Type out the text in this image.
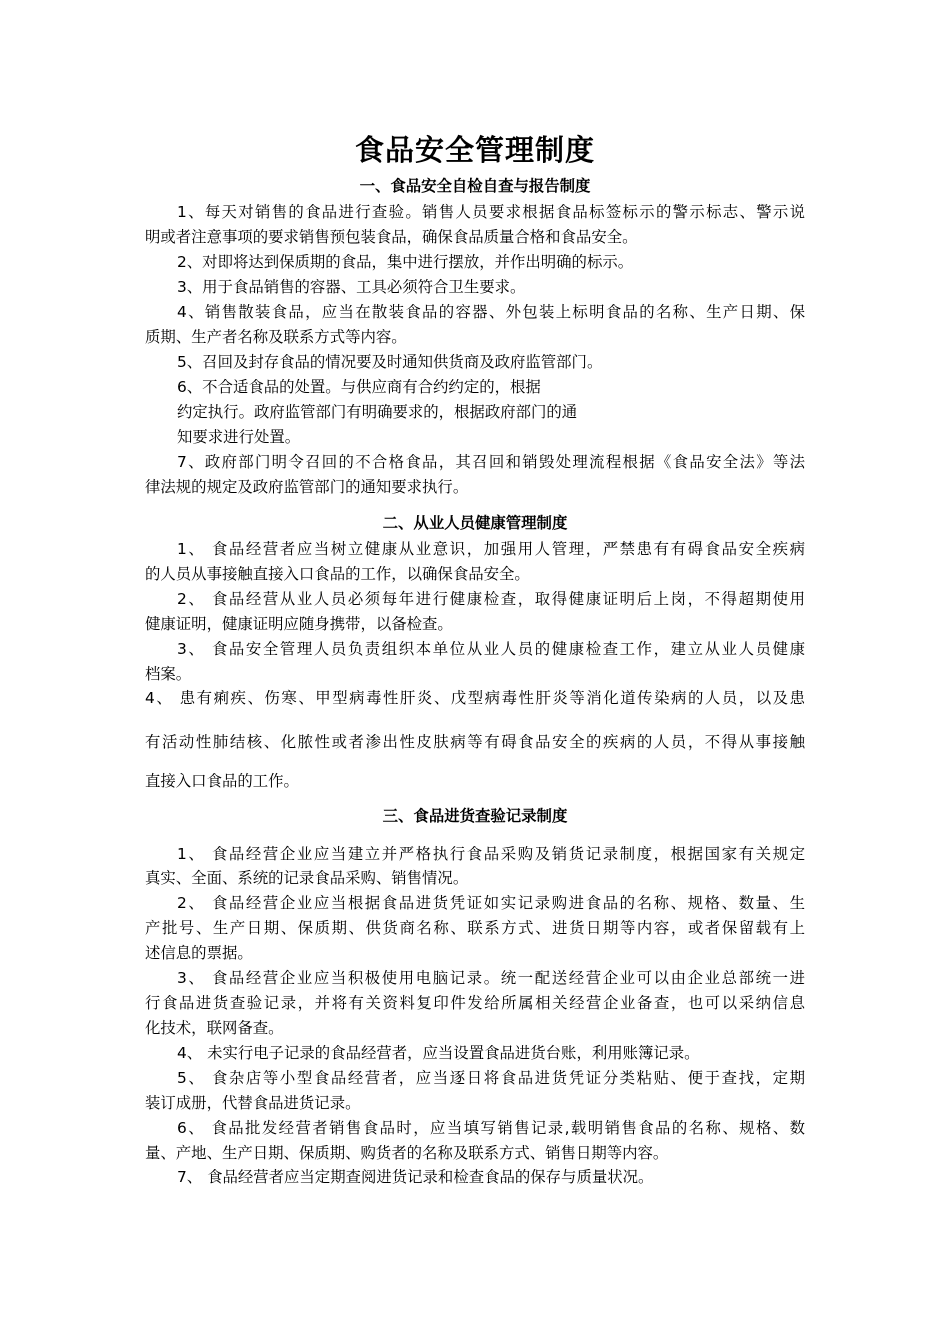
食品安全管理制度
一、食品安全自检自查与报告制度
1、每天对销售的食品进行查验。销售人员要求根据食品标签标示的警示标志、警示说
明或者注意事项的要求销售预包装食品，确保食品质量合格和食品安全。
2、对即将达到保质期的食品，集中进行摆放，并作出明确的标示。
3、用于食品销售的容器、工具必须符合卫生要求。
4、销售散装食品，应当在散装食品的容器、外包装上标明食品的名称、生产日期、保
质期、生产者名称及联系方式等内容。
5、召回及封存食品的情况要及时通知供货商及政府监管部门。
6、不合适食品的处置。与供应商有合约约定的，根据
约定执行。政府监管部门有明确要求的，根据政府部门的通
知要求进行处置。
7、政府部门明令召回的不合格食品，其召回和销毁处理流程根据《食品安全法》等法
律法规的规定及政府监管部门的通知要求执行。
二、从业人员健康管理制度
1、 食品经营者应当树立健康从业意识，加强用人管理，严禁患有有碍食品安全疾病
的人员从事接触直接入口食品的工作，以确保食品安全。
2、 食品经营从业人员必须每年进行健康检查，取得健康证明后上岗，不得超期使用
健康证明，健康证明应随身携带，以备检查。
3、 食品安全管理人员负责组织本单位从业人员的健康检查工作，建立从业人员健康
档案。
4、 患有痢疾、伤寒、甲型病毒性肝炎、戊型病毒性肝炎等消化道传染病的人员，以及患
有活动性肺结核、化脓性或者渗出性皮肤病等有碍食品安全的疾病的人员，不得从事接触
直接入口食品的工作。
三、食品进货查验记录制度
1、 食品经营企业应当建立并严格执行食品采购及销货记录制度，根据国家有关规定
真实、全面、系统的记录食品采购、销售情况。
2、 食品经营企业应当根据食品进货凭证如实记录购进食品的名称、规格、数量、生
产批号、生产日期、保质期、供货商名称、联系方式、进货日期等内容，或者保留载有上
述信息的票据。
3、 食品经营企业应当积极使用电脑记录。统一配送经营企业可以由企业总部统一进
行食品进货查验记录，并将有关资料复印件发给所属相关经营企业备查，也可以采纳信息
化技术，联网备查。
4、 未实行电子记录的食品经营者，应当设置食品进货台账，利用账簿记录。
5、 食杂店等小型食品经营者，应当逐日将食品进货凭证分类粘贴、便于查找，定期
装订成册，代替食品进货记录。
6、 食品批发经营者销售食品时，应当填写销售记录,载明销售食品的名称、规格、数
量、产地、生产日期、保质期、购货者的名称及联系方式、销售日期等内容。
7、 食品经营者应当定期查阅进货记录和检查食品的保存与质量状况。
